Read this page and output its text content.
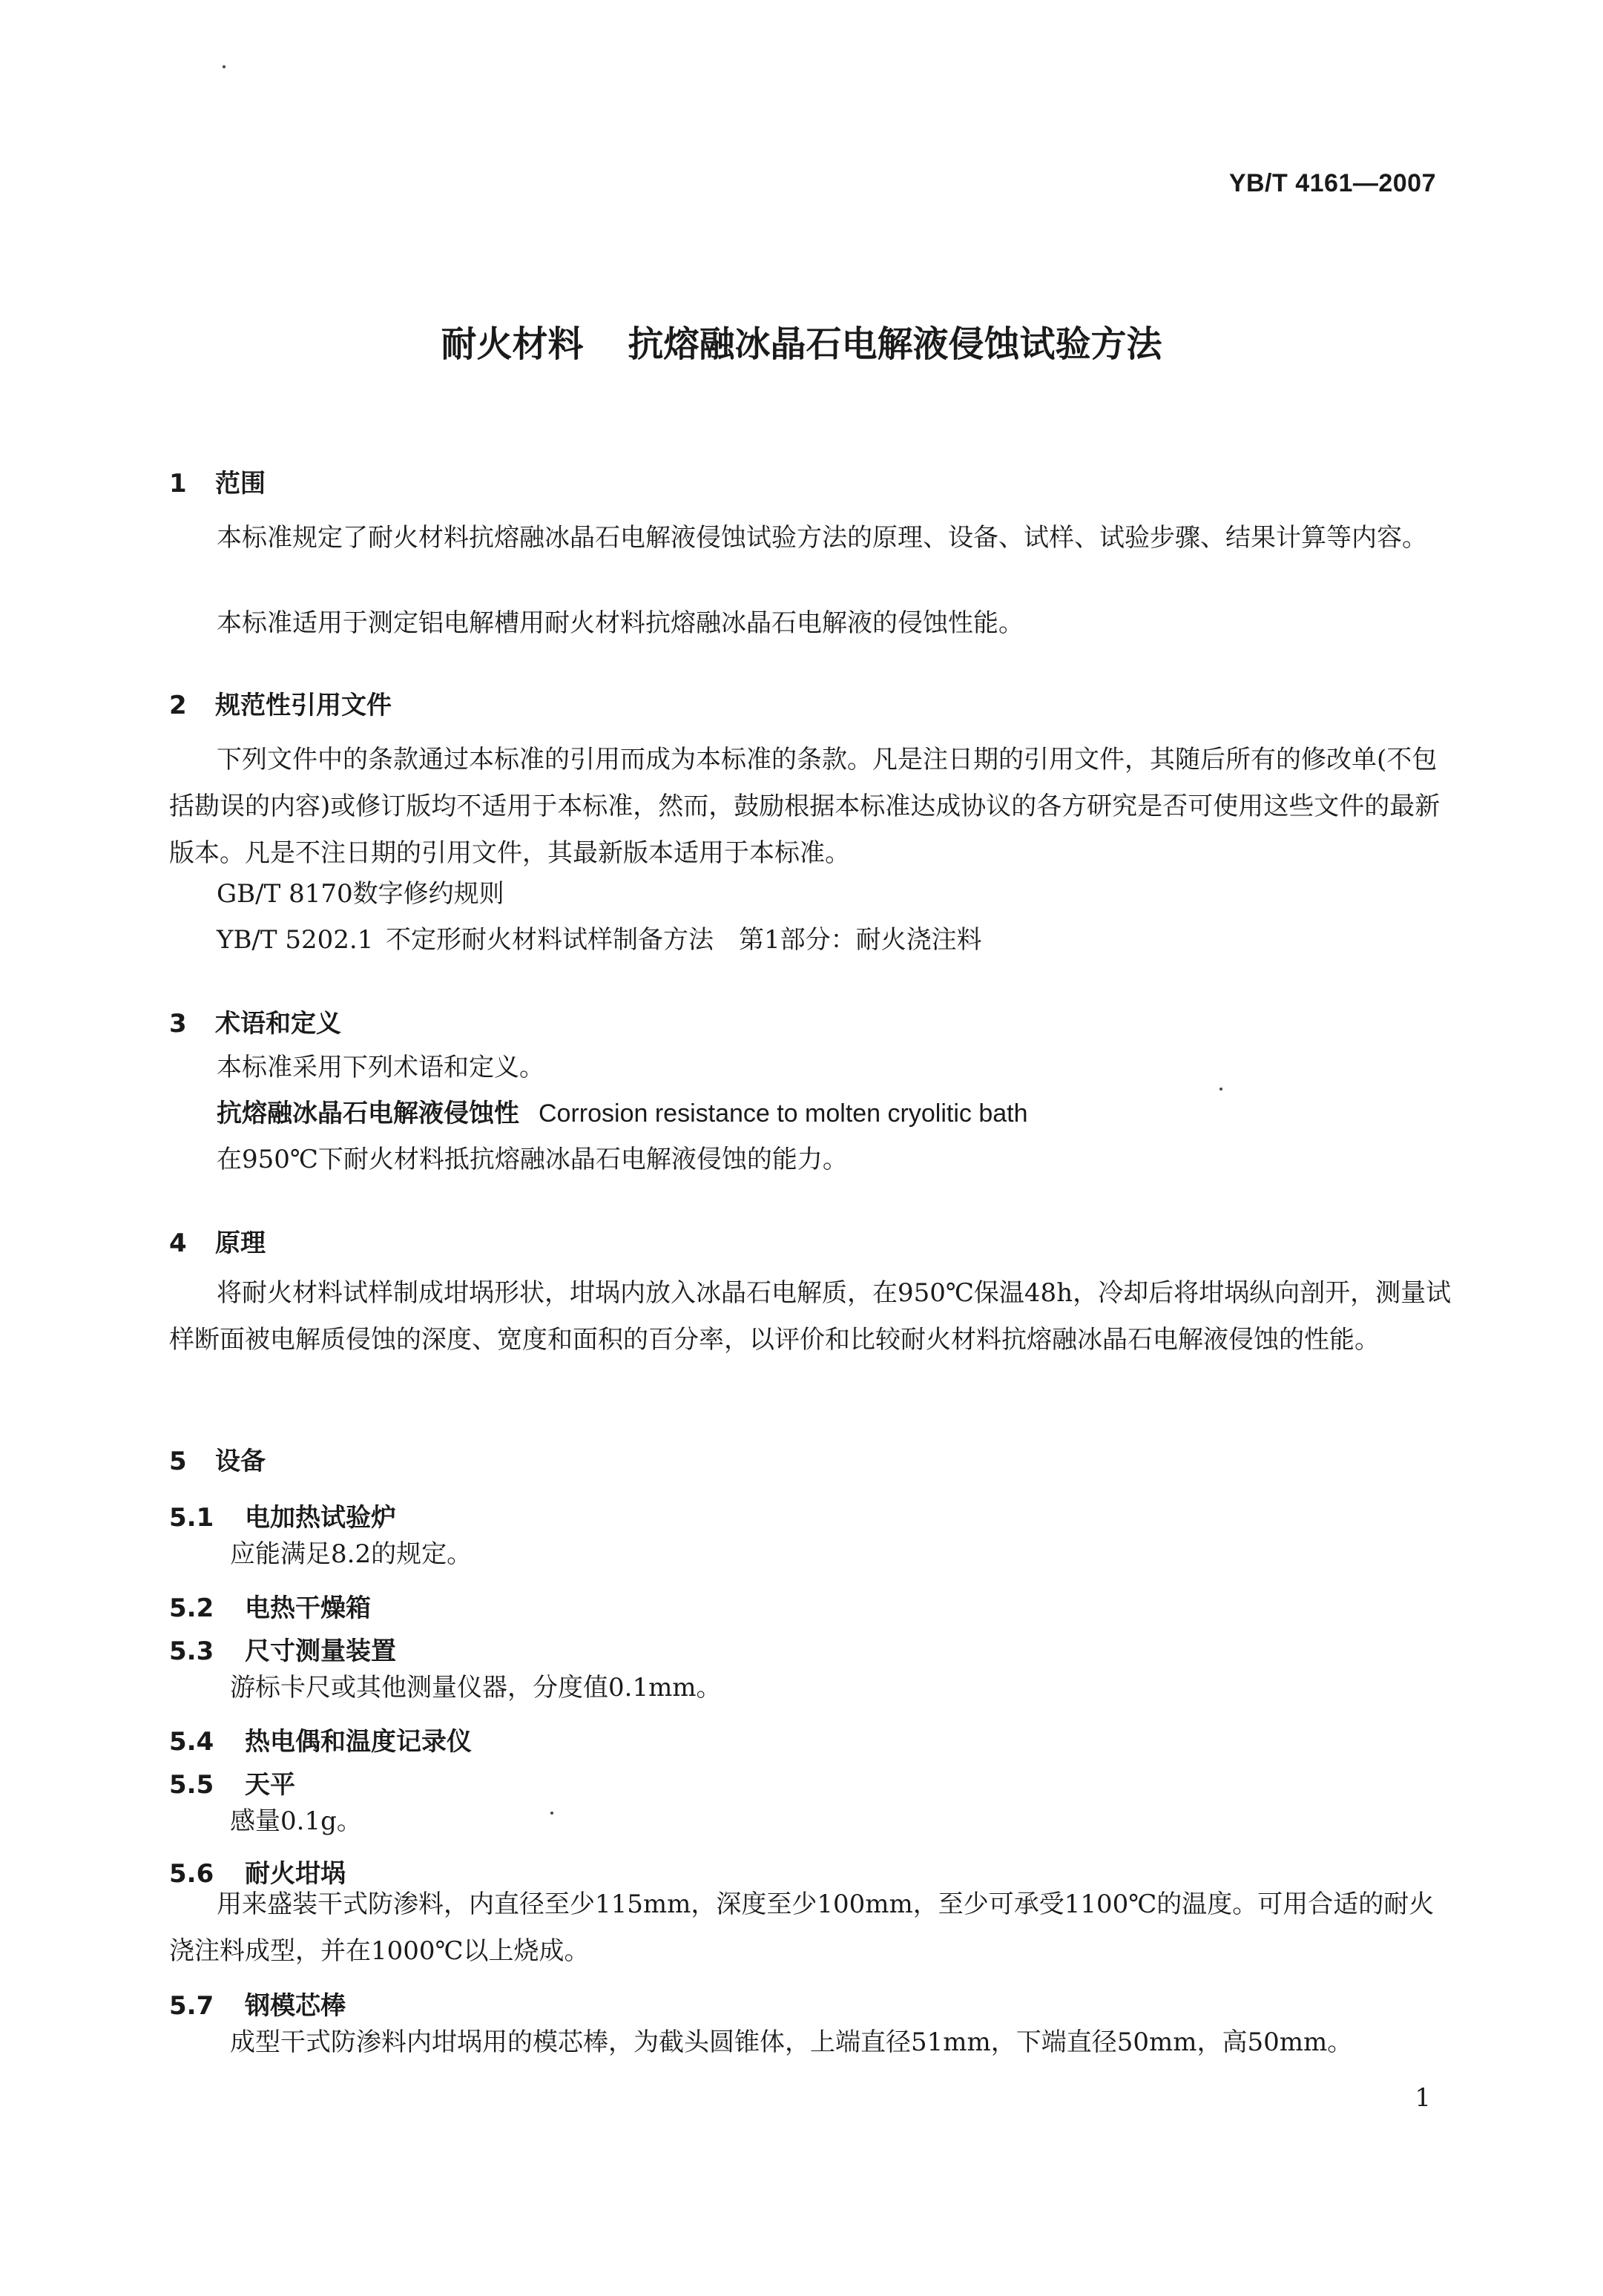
YB/T 4161—2007
耐火材料 抗熔融冰晶石电解液侵蚀试验方法
1 范围
本标准规定了耐火材料抗熔融冰晶石电解液侵蚀试验方法的原理、设备、试样、试验步骤、结果计算等内容。
本标准适用于测定铝电解槽用耐火材料抗熔融冰晶石电解液的侵蚀性能。
2 规范性引用文件
下列文件中的条款通过本标准的引用而成为本标准的条款。凡是注日期的引用文件，其随后所有的修改单(不包括勘误的内容)或修订版均不适用于本标准，然而，鼓励根据本标准达成协议的各方研究是否可使用这些文件的最新版本。凡是不注日期的引用文件，其最新版本适用于本标准。
GB/T 8170数字修约规则
YB/T 5202.1 不定形耐火材料试样制备方法　第1部分：耐火浇注料
3 术语和定义
本标准采用下列术语和定义。
抗熔融冰晶石电解液侵蚀性 Corrosion resistance to molten cryolitic bath
在950℃下耐火材料抵抗熔融冰晶石电解液侵蚀的能力。
4 原理
将耐火材料试样制成坩埚形状，坩埚内放入冰晶石电解质，在950℃保温48h，冷却后将坩埚纵向剖开，测量试样断面被电解质侵蚀的深度、宽度和面积的百分率，以评价和比较耐火材料抗熔融冰晶石电解液侵蚀的性能。
5 设备
5.1 电加热试验炉
应能满足8.2的规定。
5.2 电热干燥箱
5.3 尺寸测量装置
游标卡尺或其他测量仪器，分度值0.1mm。
5.4 热电偶和温度记录仪
5.5 天平
感量0.1g。
5.6 耐火坩埚
用来盛装干式防渗料，内直径至少115mm，深度至少100mm，至少可承受1100℃的温度。可用合适的耐火浇注料成型，并在1000℃以上烧成。
5.7 钢模芯棒
成型干式防渗料内坩埚用的模芯棒，为截头圆锥体，上端直径51mm，下端直径50mm，高50mm。
1
